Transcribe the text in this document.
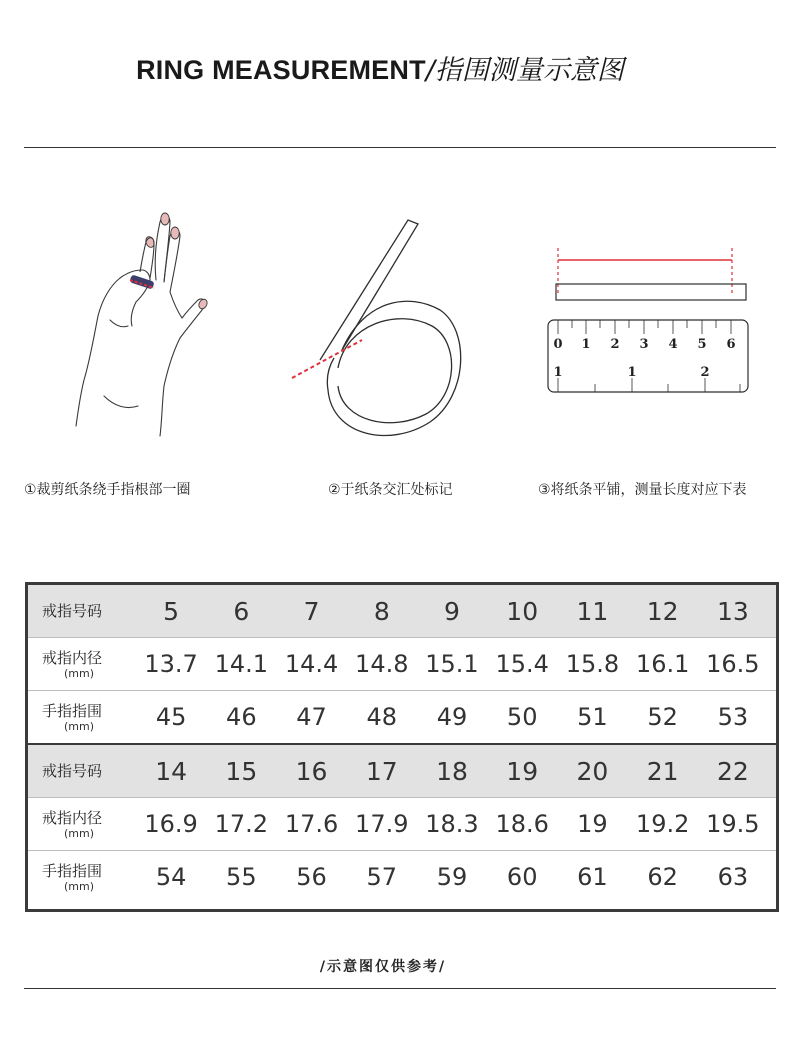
RING MEASUREMENT/指围测量示意图
0 1 2 3 4 5 6
1	1	2
①裁剪纸条绕手指根部一圈	②于纸条交汇处标记	③将纸条平铺，测量长度对应下表
戒指号码	5	6	7	8	9	10	11	12	13
戒指内径
(mm)	13.7 14.1 14.4 14.8 15.1 15.4 15.8 16.1 16.5
手指指围
(mm)	45	46	47	48	49	50	51	52	53
戒指号码	14	15	16	17	18	19	20	21	22
戒指内径
(mm)	16.9 17.2 17.6 17.9 18.3 18.6	19	19.2 19.5
手指指围
(mm)	54	55	56	57	59	60	61	62	63
/示意图仅供参考/
